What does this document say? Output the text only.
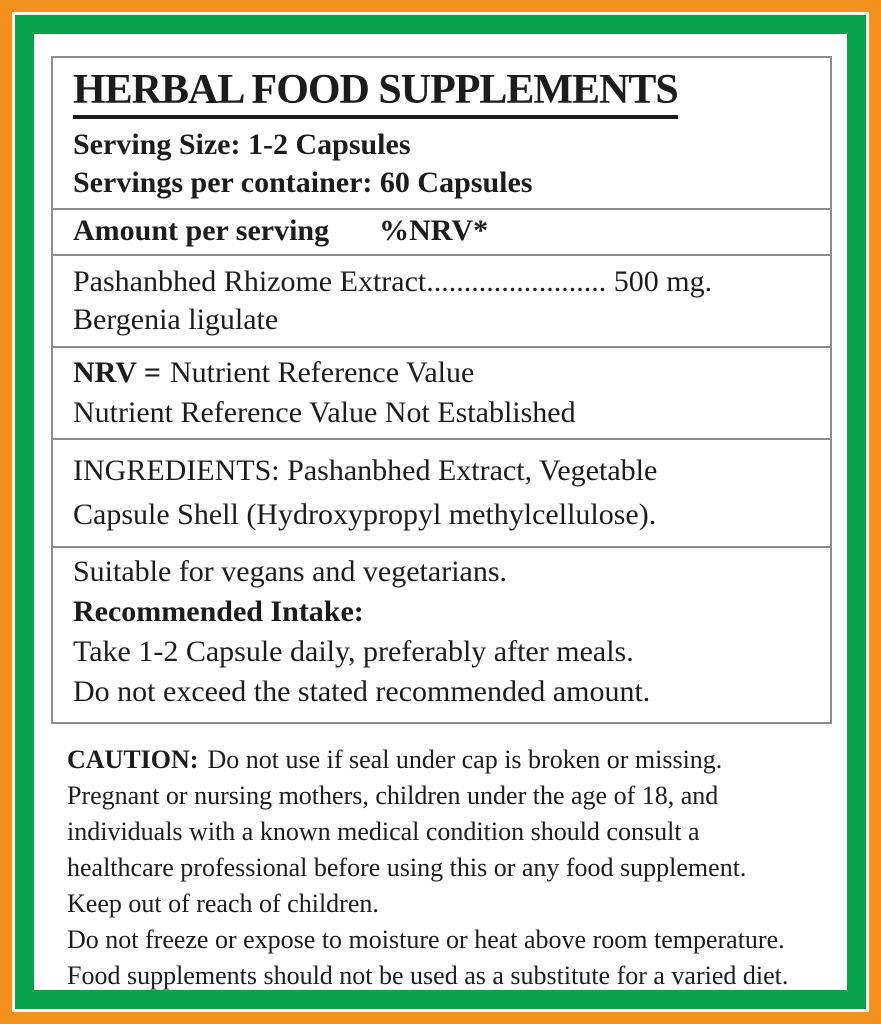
HERBAL FOOD SUPPLEMENTS
Serving Size: 1-2 Capsules
Servings per container: 60 Capsules
Amount per serving %NRV*
Pashanbhed Rhizome Extract........................ 500 mg.
Bergenia ligulate
NRV = Nutrient Reference Value
Nutrient Reference Value Not Established
INGREDIENTS: Pashanbhed Extract, Vegetable
Capsule Shell (Hydroxypropyl methylcellulose).
Suitable for vegans and vegetarians.
Recommended Intake:
Take 1-2 Capsule daily, preferably after meals.
Do not exceed the stated recommended amount.
CAUTION: Do not use if seal under cap is broken or missing.
Pregnant or nursing mothers, children under the age of 18, and
individuals with a known medical condition should consult a
healthcare professional before using this or any food supplement.
Keep out of reach of children.
Do not freeze or expose to moisture or heat above room temperature.
Food supplements should not be used as a substitute for a varied diet.
